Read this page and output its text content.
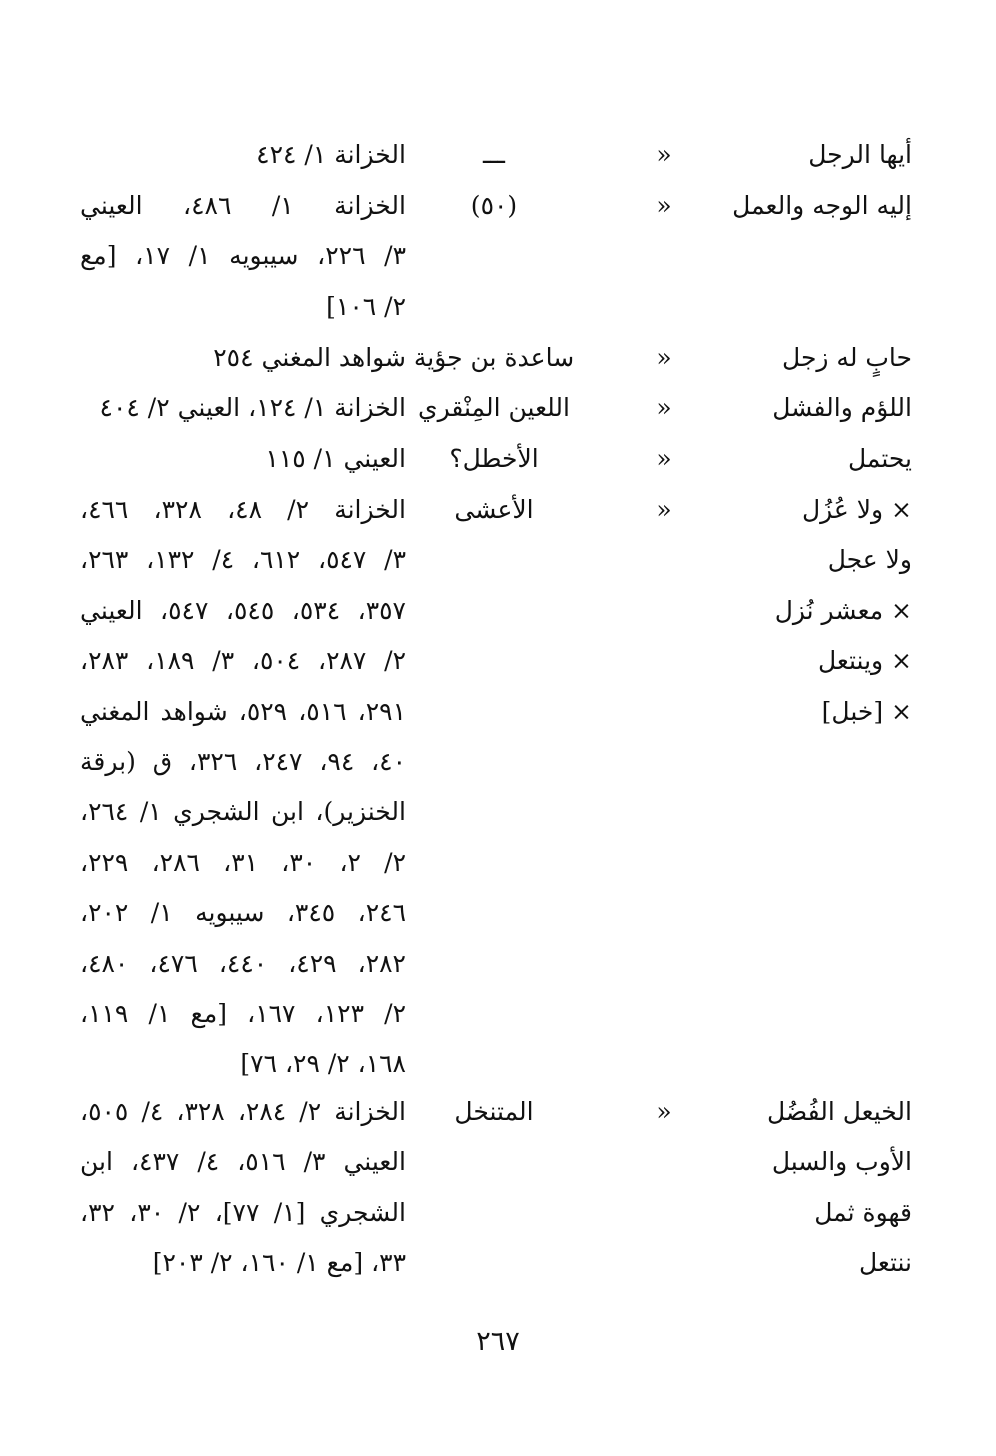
أيها الرجل
«
ـــ
الخزانة ١/ ٤٢٤
إليه الوجه والعمل
«
(٥٠)
الخزانة ١/ ٤٨٦، العيني
٣/ ٢٢٦، سيبويه ١/ ١٧، [مع
٢/ ١٠٦]
حابٍ له زجل
«
ساعدة بن جؤية
شواهد المغني ٢٥٤
اللؤم والفشل
«
اللعين المِنْقري
الخزانة ١/ ١٢٤، العيني ٢/ ٤٠٤
يحتمل
«
الأخطل؟
العيني ١/ ١١٥
× ولا عُزُل
ولا عجل
× معشر نُزل
× وينتعل
× [خبل]
«
الأعشى
الخزانة ٢/ ٤٨، ٣٢٨، ٤٦٦،
٣/ ٥٤٧، ٦١٢، ٤/ ١٣٢، ٢٦٣،
٣٥٧، ٥٣٤، ٥٤٥، ٥٤٧، العيني
٢/ ٢٨٧، ٥٠٤، ٣/ ١٨٩، ٢٨٣،
٢٩١، ٥١٦، ٥٢٩، شواهد المغني
٤٠، ٩٤، ٢٤٧، ٣٢٦، ق (برقة
الخنزير)، ابن الشجري ١/ ٢٦٤،
٢/ ٢، ٣٠، ٣١، ٢٨٦، ٢٢٩،
٢٤٦، ٣٤٥، سيبويه ١/ ٢٠٢،
٢٨٢، ٤٢٩، ٤٤٠، ٤٧٦، ٤٨٠،
٢/ ١٢٣، ١٦٧، [مع ١/ ١١٩،
١٦٨، ٢/ ٢٩، ٧٦]
الخيعل الفُضُل
الأوب والسبل
قهوة ثمل
ننتعل
«
المتنخل
الخزانة ٢/ ٢٨٤، ٣٢٨، ٤/ ٥٠٥،
العيني ٣/ ٥١٦، ٤/ ٤٣٧، ابن
الشجري [١/ ٧٧]، ٢/ ٣٠، ٣٢،
٣٣، [مع ١/ ١٦٠، ٢/ ٢٠٣]
٢٦٧
